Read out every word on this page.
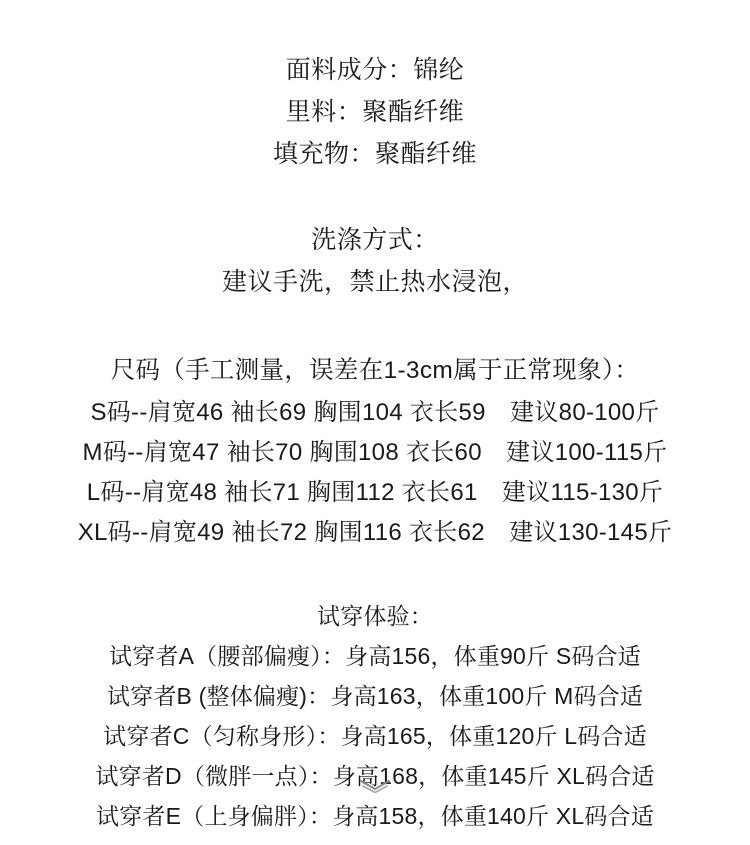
面料成分：锦纶
里料：聚酯纤维
填充物：聚酯纤维
洗涤方式：
建议手洗，禁止热水浸泡，
尺码（手工测量，误差在1-3cm属于正常现象）：
S码--肩宽46 袖长69 胸围104 衣长59　建议80-100斤
M码--肩宽47 袖长70 胸围108 衣长60　建议100-115斤
L码--肩宽48 袖长71 胸围112 衣长61　建议115-130斤
XL码--肩宽49 袖长72 胸围116 衣长62　建议130-145斤
试穿体验：
试穿者A（腰部偏瘦）：身高156，体重90斤 S码合适
试穿者B (整体偏瘦)：身高163，体重100斤 M码合适
试穿者C（匀称身形）：身高165，体重120斤 L码合适
试穿者D（微胖一点）：身高168，体重145斤 XL码合适
试穿者E（上身偏胖）：身高158，体重140斤 XL码合适
